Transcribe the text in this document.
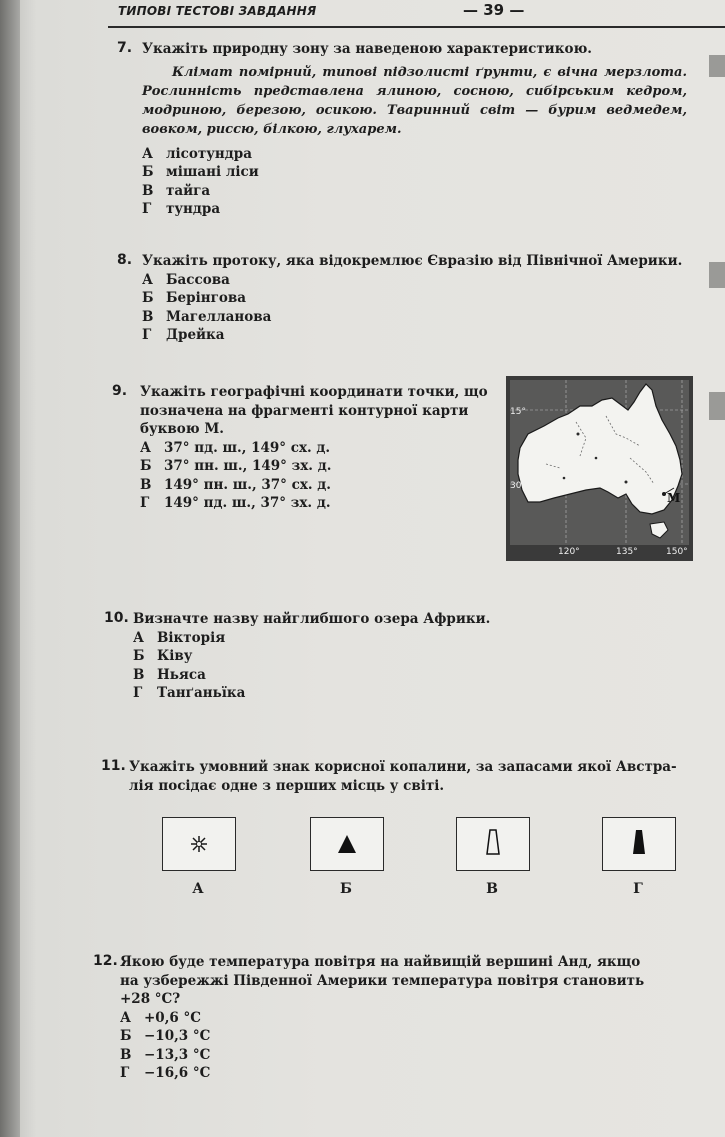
ТИПОВІ ТЕСТОВІ ЗАВДАННЯ	— 39 —
7. Укажіть природну зону за наведеною характеристикою.
Клімат помірний, типові підзолисті ґрунти, є вічна мерзлота. Рослинність представлена ялиною, сосною, сибірським кедром, модриною, березою, осикою. Тваринний світ — бурим ведмедем, вовком, риссю, білкою, глухарем.
А лісотундра
Б мішані ліси
В тайга
Г	тундра
8. Укажіть протоку, яка відокремлює Євразію від Північної Америки.
А Бассова
Б Берінгова
В Магелланова
Г	Дрейка
9. Укажіть географічні координати точки, що
позначена на фрагменті контурної карти
буквою М.
А 37° пд. ш., 149° сх. д.
Б 37° пн. ш., 149° зх. д.
В 149° пн. ш., 37° сх. д.
Г	149° пд. ш., 37° зх. д.
15°
30°
120°	135°	150°
М
10. Визначте назву найглибшого озера Африки.
А Вікторія
Б Ківу
В Ньяса
Г	Танґаньїка
11. Укажіть умовний знак корисної копалини, за запасами якої Австра-
лія посідає одне з перших місць у світі.
А	Б	В	Г
12. Якою буде температура повітря на найвищій вершині Анд, якщо
на узбережжі Південної Америки температура повітря становить
+28 °С?
А +0,6 °С
Б −10,3 °С
В −13,3 °С
Г	−16,6 °С
